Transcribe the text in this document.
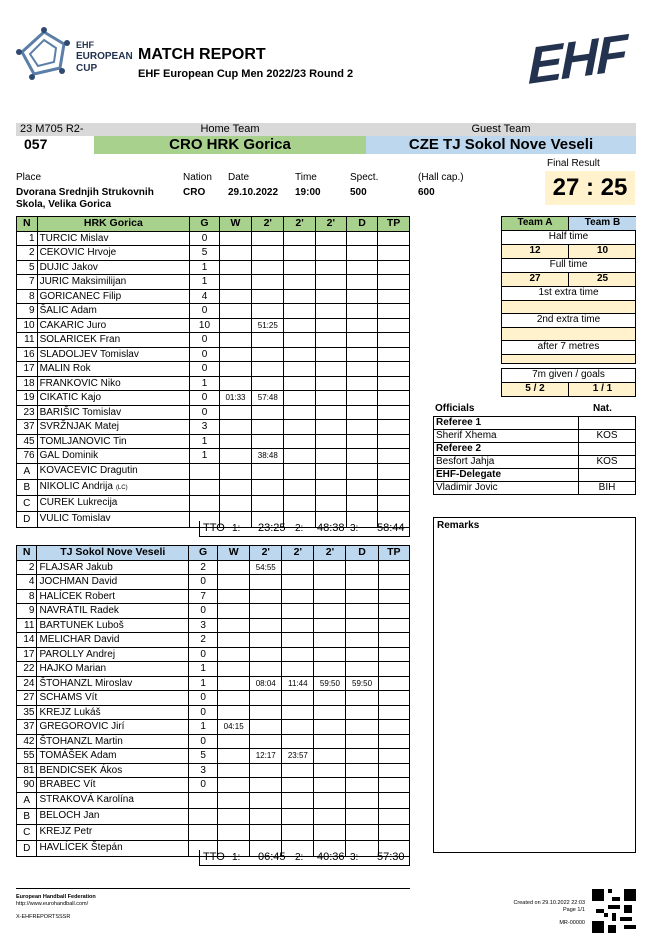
EHF
EUROPEAN
CUP
MATCH REPORT
EHF European Cup Men 2022/23 Round 2	EHF
23 M705 R2-
057
Home Team
CRO HRK Gorica
Guest Team
CZE TJ Sokol Nove Veseli
Place	Nation Date	Time	Spect.	(Hall cap.)
Dvorana Srednjih Strukovnih
Skola, Velika Gorica
CRO 29.10.2022 19:00	500	600
Final Result
27 : 25
N	HRK Gorica	G	W	2'	2'	2'	D	TP
1	TURCIC Mislav	0						
2	CEKOVIC Hrvoje	5						
5	DUJIC Jakov	1						
7	JURIC Maksimilijan	1						
8	GORICANEC Filip	4						
9	ŠALIC Adam	0						
10	CAKARIC Juro	10		51:25				
11	SOLARICEK Fran	0						
16	SLADOLJEV Tomislav	0						
17	MALIN Rok	0						
18	FRANKOVIC Niko	1						
19	CIKATIC Kajo	0	01:33	57:48				
23	BARIŠIC Tomislav	0						
37	SVRŽNJAK Matej	3						
45	TOMLJANOVIC Tin	1						
76	GAL Dominik	1		38:48				
A	KOVACEVIC Dragutin							
B	NIKOLIC Andrija (LC)							
C	CUREK Lukrecija							
D	VULIC Tomislav							
TTO 1: 23:25 2: 48:38 3: 58:44
N	TJ Sokol Nove Veseli	G	W	2'	2'	2'	D	TP
2	FLAJSAR Jakub	2		54:55				
4	JOCHMAN David	0						
8	HALÍCEK Robert	7						
9	NAVRÁTIL Radek	0						
11	BARTUNEK Luboš	3						
14	MELICHAR David	2						
17	PAROLLY Andrej	0						
22	HAJKO Marian	1						
24	ŠTOHANZL Miroslav	1		08:04	11:44	59:50	59:50	
27	SCHAMS Vít	0						
35	KREJZ Lukáš	0						
37	GREGOROVIC Jirí	1	04:15					
42	ŠTOHANZL Martin	0						
55	TOMÁŠEK Adam	5		12:17	23:57			
81	BENDICSEK Ákos	3						
90	BRABEC Vít	0						
A	STRAKOVÁ Karolína							
B	BELOCH Jan							
C	KREJZ Petr							
D	HAVLÍCEK Štepán							
TTO 1: 06:45 2: 40:36 3: 57:30
Team A	Team B
Half time
12	10
Full time
27	25
1st extra time
2nd extra time
after 7 metres
7m given / goals
5 / 2	1 / 1
Officials	Nat.
Referee 1	
Sherif Xhema	KOS
Referee 2	
Besfort Jahja	KOS
EHF-Delegate	
Vladimir Jovic	BIH
Remarks
European Handball Federation
http://www.eurohandball.com/
X-EHFREPORTSSSR
Created on 29.10.2022 22:03
Page 1/1
MR-00000
